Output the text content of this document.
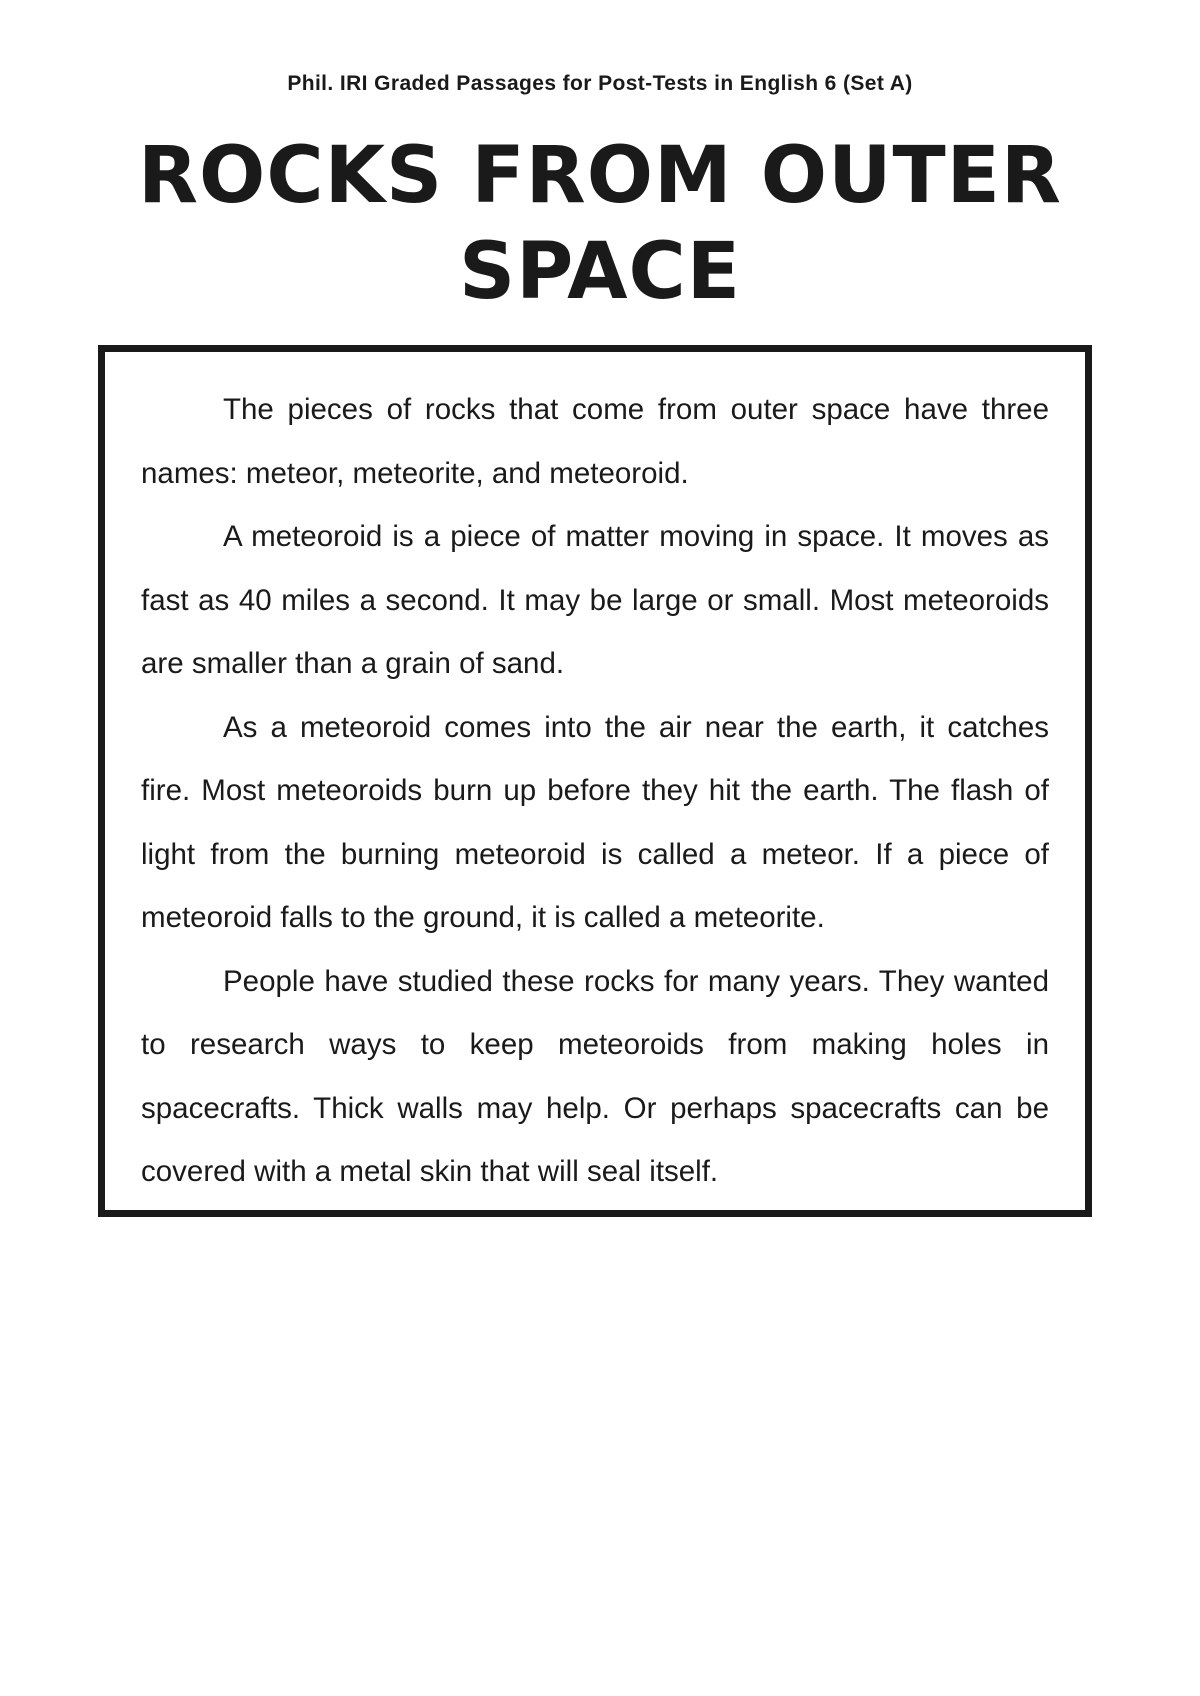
Phil. IRI Graded Passages for Post-Tests in English 6 (Set A)
ROCKS FROM OUTER
SPACE

The pieces of rocks that come from outer space have three names: meteor, meteorite, and meteoroid.

A meteoroid is a piece of matter moving in space. It moves as fast as 40 miles a second. It may be large or small. Most meteoroids are smaller than a grain of sand.

As a meteoroid comes into the air near the earth, it catches fire. Most meteoroids burn up before they hit the earth. The flash of light from the burning meteoroid is called a meteor. If a piece of meteoroid falls to the ground, it is called a meteorite.

People have studied these rocks for many years. They wanted to research ways to keep meteoroids from making holes in spacecrafts. Thick walls may help. Or perhaps spacecrafts can be covered with a metal skin that will seal itself.
